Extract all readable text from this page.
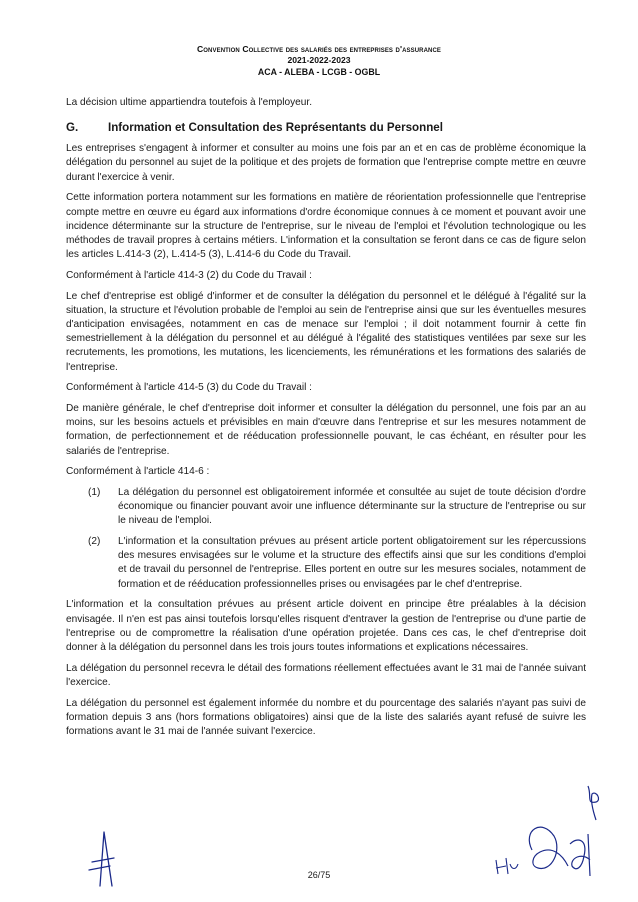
Convention Collective des salariés des entreprises d'assurance
2021-2022-2023
ACA - ALEBA - LCGB - OGBL

La décision ultime appartiendra toutefois à l'employeur.

G.	Information et Consultation des Représentants du Personnel

Les entreprises s'engagent à informer et consulter au moins une fois par an et en cas de problème économique la délégation du personnel au sujet de la politique et des projets de formation que l'entreprise compte mettre en œuvre durant l'exercice à venir.

Cette information portera notamment sur les formations en matière de réorientation professionnelle que l'entreprise compte mettre en œuvre eu égard aux informations d'ordre économique connues à ce moment et pouvant avoir une incidence déterminante sur la structure de l'entreprise, sur le niveau de l'emploi et l'évolution technologique ou les méthodes de travail propres à certains métiers. L'information et la consultation se feront dans ce cas de figure selon les articles L.414-3 (2), L.414-5 (3), L.414-6 du Code du Travail.

Conformément à l'article 414-3 (2) du Code du Travail :

Le chef d'entreprise est obligé d'informer et de consulter la délégation du personnel et le délégué à l'égalité sur la situation, la structure et l'évolution probable de l'emploi au sein de l'entreprise ainsi que sur les éventuelles mesures d'anticipation envisagées, notamment en cas de menace sur l'emploi ; il doit notamment fournir à cette fin semestriellement à la délégation du personnel et au délégué à l'égalité des statistiques ventilées par sexe sur les recrutements, les promotions, les mutations, les licenciements, les rémunérations et les formations des salariés de l'entreprise.

Conformément à l'article 414-5 (3) du Code du Travail :

De manière générale, le chef d'entreprise doit informer et consulter la délégation du personnel, une fois par an au moins, sur les besoins actuels et prévisibles en main d'œuvre dans l'entreprise et sur les mesures notamment de formation, de perfectionnement et de rééducation professionnelle pouvant, le cas échéant, en résulter pour les salariés de l'entreprise.

Conformément à l'article 414-6 :

(1)	La délégation du personnel est obligatoirement informée et consultée au sujet de toute décision d'ordre économique ou financier pouvant avoir une influence déterminante sur la structure de l'entreprise ou sur le niveau de l'emploi.
(2)	L'information et la consultation prévues au présent article portent obligatoirement sur les répercussions des mesures envisagées sur le volume et la structure des effectifs ainsi que sur les conditions d'emploi et de travail du personnel de l'entreprise. Elles portent en outre sur les mesures sociales, notamment de formation et de rééducation professionnelles prises ou envisagées par le chef d'entreprise.

L'information et la consultation prévues au présent article doivent en principe être préalables à la décision envisagée. Il n'en est pas ainsi toutefois lorsqu'elles risquent d'entraver la gestion de l'entreprise ou d'une partie de l'entreprise ou de compromettre la réalisation d'une opération projetée. Dans ces cas, le chef d'entreprise doit donner à la délégation du personnel dans les trois jours toutes informations et explications nécessaires.

La délégation du personnel recevra le détail des formations réellement effectuées avant le 31 mai de l'année suivant l'exercice.

La délégation du personnel est également informée du nombre et du pourcentage des salariés n'ayant pas suivi de formation depuis 3 ans (hors formations obligatoires) ainsi que de la liste des salariés ayant refusé de suivre les formations avant le 31 mai de l'année suivant l'exercice.

26/75
